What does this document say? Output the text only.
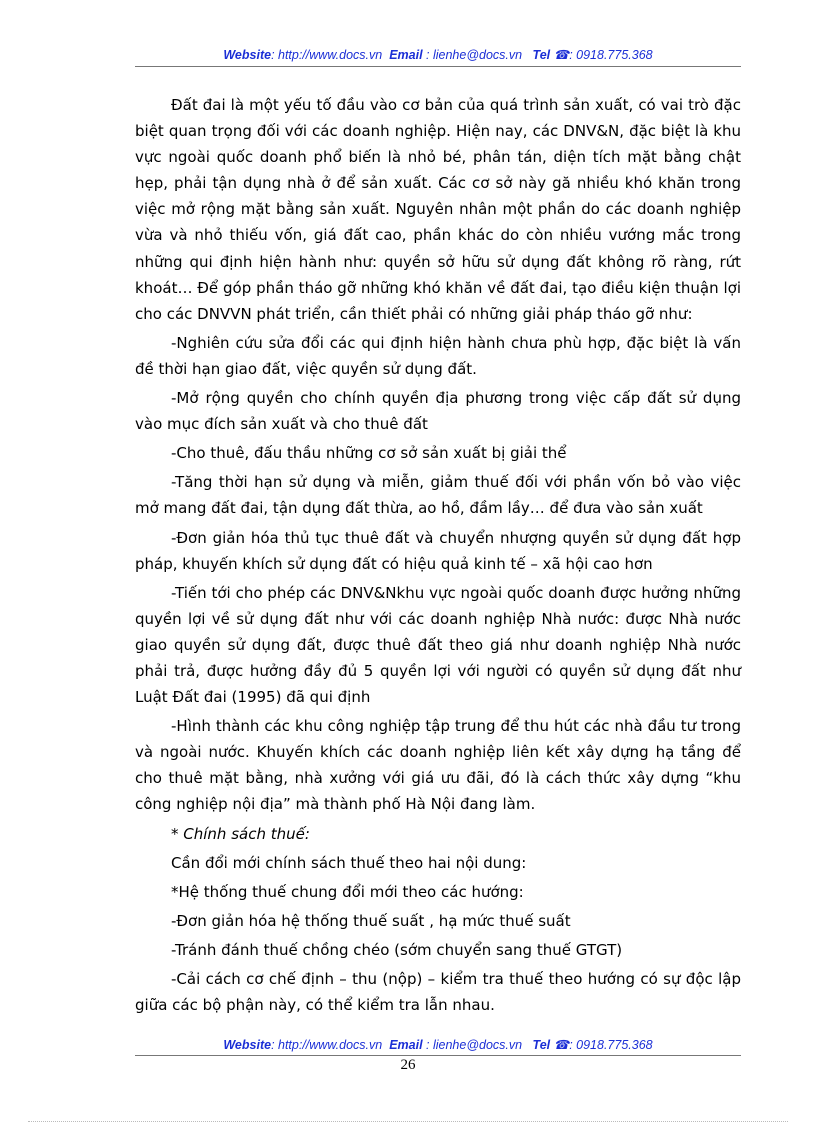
Website: http://www.docs.vn Email : lienhe@docs.vn Tel ☎: 0918.775.368

Đất đai là một yếu tố đầu vào cơ bản của quá trình sản xuất, có vai trò đặc biệt quan trọng đối với các doanh nghiệp. Hiện nay, các DNV&N, đặc biệt là khu vực ngoài quốc doanh phổ biến là nhỏ bé, phân tán, diện tích mặt bằng chật hẹp, phải tận dụng nhà ở để sản xuất. Các cơ sở này gă nhiều khó khăn trong việc mở rộng mặt bằng sản xuất. Nguyên nhân một phần do các doanh nghiệp vừa và nhỏ thiếu vốn, giá đất cao, phần khác do còn nhiều vướng mắc trong những qui định hiện hành như: quyền sở hữu sử dụng đất không rõ ràng, rứt khoát… Để góp phần tháo gỡ những khó khăn về đất đai, tạo điều kiện thuận lợi cho các DNVVN phát triển, cần thiết phải có những giải pháp tháo gỡ như:

-Nghiên cứu sửa đổi các qui định hiện hành chưa phù hợp, đặc biệt là vấn đề thời hạn giao đất, việc quyền sử dụng đất.

-Mở rộng quyền cho chính quyền địa phương trong việc cấp đất sử dụng vào mục đích sản xuất và cho thuê đất

-Cho thuê, đấu thầu những cơ sở sản xuất bị giải thể

-Tăng thời hạn sử dụng và miễn, giảm thuế đối với phần vốn bỏ vào việc mở mang đất đai, tận dụng đất thừa, ao hồ, đầm lầy… để đưa vào sản xuất

-Đơn giản hóa thủ tục thuê đất và chuyển nhượng quyền sử dụng đất hợp pháp, khuyến khích sử dụng đất có hiệu quả kinh tế – xã hội cao hơn

-Tiến tới cho phép các DNV&Nkhu vực ngoài quốc doanh được hưởng những quyền lợi về sử dụng đất như với các doanh nghiệp Nhà nước: được Nhà nước giao quyền sử dụng đất, được thuê đất theo giá như doanh nghiệp Nhà nước phải trả, được hưởng đầy đủ 5 quyền lợi với người có quyền sử dụng đất như Luật Đất đai (1995) đã qui định

-Hình thành các khu công nghiệp tập trung để thu hút các nhà đầu tư trong và ngoài nước. Khuyến khích các doanh nghiệp liên kết xây dựng hạ tầng để cho thuê mặt bằng, nhà xưởng với giá ưu đãi, đó là cách thức xây dựng “khu công nghiệp nội địa” mà thành phố Hà Nội đang làm.

* Chính sách thuế:

Cần đổi mới chính sách thuế theo hai nội dung:

*Hệ thống thuế chung đổi mới theo các hướng:

-Đơn giản hóa hệ thống thuế suất , hạ mức thuế suất

-Tránh đánh thuế chồng chéo (sớm chuyển sang thuế GTGT)

-Cải cách cơ chế định – thu (nộp) – kiểm tra thuế theo hướng có sự độc lập giữa các bộ phận này, có thể kiểm tra lẫn nhau.

Website: http://www.docs.vn Email : lienhe@docs.vn Tel ☎: 0918.775.368
26
